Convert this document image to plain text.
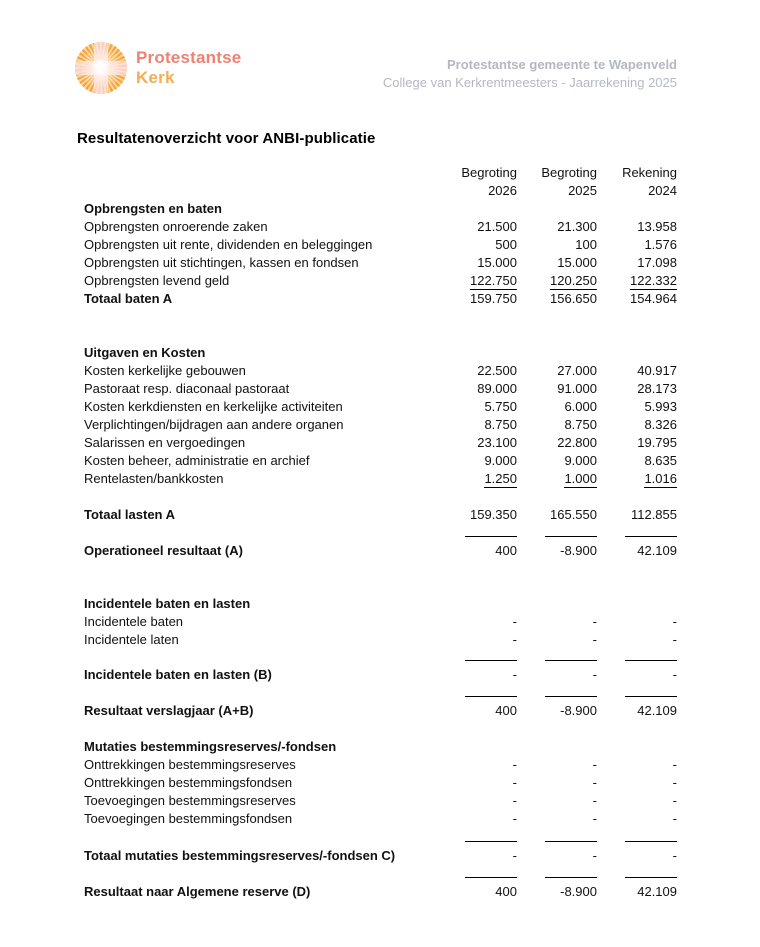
Protestantse
Kerk
Protestantse gemeente te Wapenveld
College van Kerkrentmeesters - Jaarrekening 2025
Resultatenoverzicht voor ANBI-publicatie
Begroting
2026
Begroting
2025
Rekening
2024
Opbrengsten en baten
Opbrengsten onroerende zaken	21.500	21.300	13.958
Opbrengsten uit rente, dividenden en beleggingen	500	100	1.576
Opbrengsten uit stichtingen, kassen en fondsen	15.000	15.000	17.098
Opbrengsten levend geld	122.750	120.250	122.332
Totaal baten A	159.750	156.650	154.964
Uitgaven en Kosten
Kosten kerkelijke gebouwen	22.500	27.000	40.917
Pastoraat resp. diaconaal pastoraat	89.000	91.000	28.173
Kosten kerkdiensten en kerkelijke activiteiten	5.750	6.000	5.993
Verplichtingen/bijdragen aan andere organen	8.750	8.750	8.326
Salarissen en vergoedingen	23.100	22.800	19.795
Kosten beheer, administratie en archief	9.000	9.000	8.635
Rentelasten/bankkosten	1.250	1.000	1.016
Totaal lasten A	159.350	165.550	112.855
Operationeel resultaat (A)	400	-8.900	42.109
Incidentele baten en lasten
Incidentele baten	-	-	-
Incidentele laten	-	-	-
Incidentele baten en lasten (B)	-	-	-
Resultaat verslagjaar (A+B)	400	-8.900	42.109
Mutaties bestemmingsreserves/-fondsen
Onttrekkingen bestemmingsreserves	-	-	-
Onttrekkingen bestemmingsfondsen	-	-	-
Toevoegingen bestemmingsreserves	-	-	-
Toevoegingen bestemmingsfondsen	-	-	-
Totaal mutaties bestemmingsreserves/-fondsen C)	-	-	-
Resultaat naar Algemene reserve (D)	400	-8.900	42.109
